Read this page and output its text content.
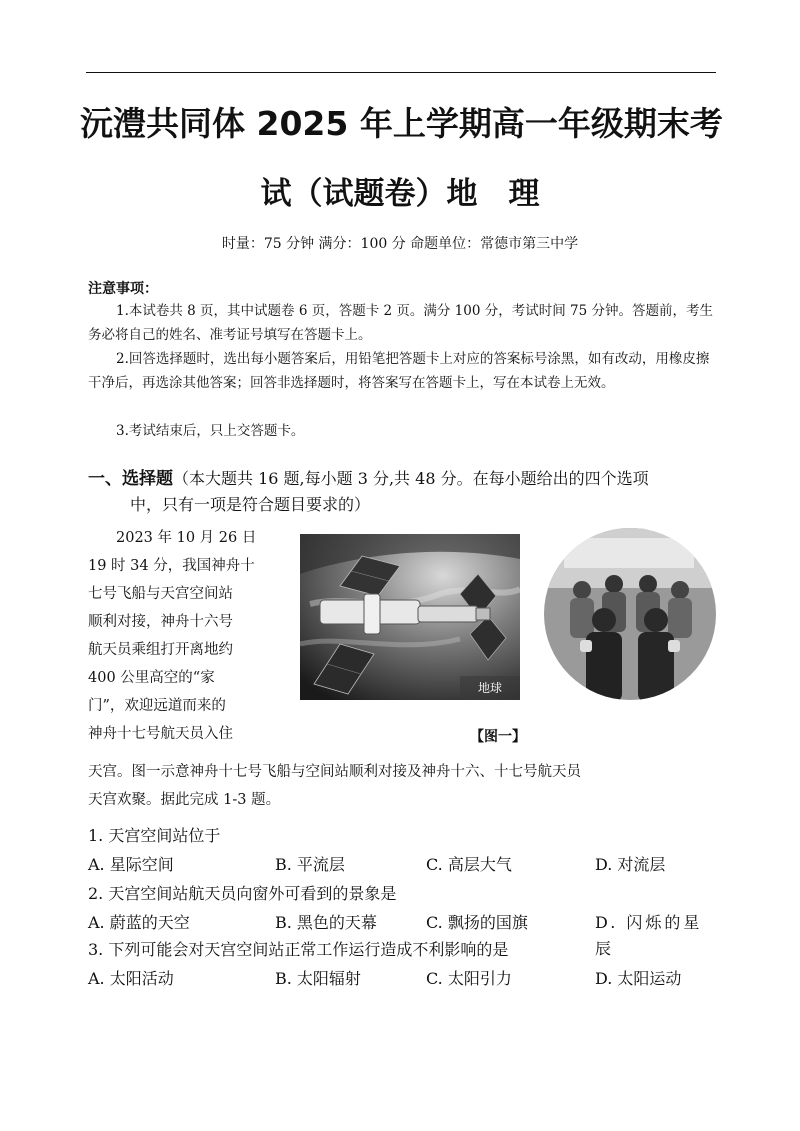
沅澧共同体 2025 年上学期高一年级期末考
试（试题卷）地　理
时量：75 分钟 满分：100 分 命题单位：常德市第三中学
注意事项：
1.本试卷共 8 页，其中试题卷 6 页，答题卡 2 页。满分 100 分，考试时间 75 分钟。答题前，考生务必将自己的姓名、准考证号填写在答题卡上。
2.回答选择题时，选出每小题答案后，用铅笔把答题卡上对应的答案标号涂黑，如有改动，用橡皮擦干净后，再选涂其他答案；回答非选择题时，将答案写在答题卡上，写在本试卷上无效。
3.考试结束后，只上交答题卡。
一、选择题（本大题共 16 题,每小题 3 分,共 48 分。在每小题给出的四个选项
中，只有一项是符合题目要求的）
2023 年 10 月 26 日
19 时 34 分，我国神舟十
七号飞船与天宫空间站
顺利对接，神舟十六号
航天员乘组打开离地约
400 公里高空的“家
门”，欢迎远道而来的
神舟十七号航天员入住
地球
【图一】
天宫。图一示意神舟十七号飞船与空间站顺利对接及神舟十六、十七号航天员
天宫欢聚。据此完成 1-3 题。
1. 天宫空间站位于
A. 星际空间	B. 平流层	C. 高层大气	D. 对流层
2. 天宫空间站航天员向窗外可看到的景象是
A. 蔚蓝的天空	B. 黑色的天幕	C. 飘扬的国旗	D. 闪烁的星辰
3. 下列可能会对天宫空间站正常工作运行造成不利影响的是
A. 太阳活动	B. 太阳辐射	C. 太阳引力	D. 太阳运动
